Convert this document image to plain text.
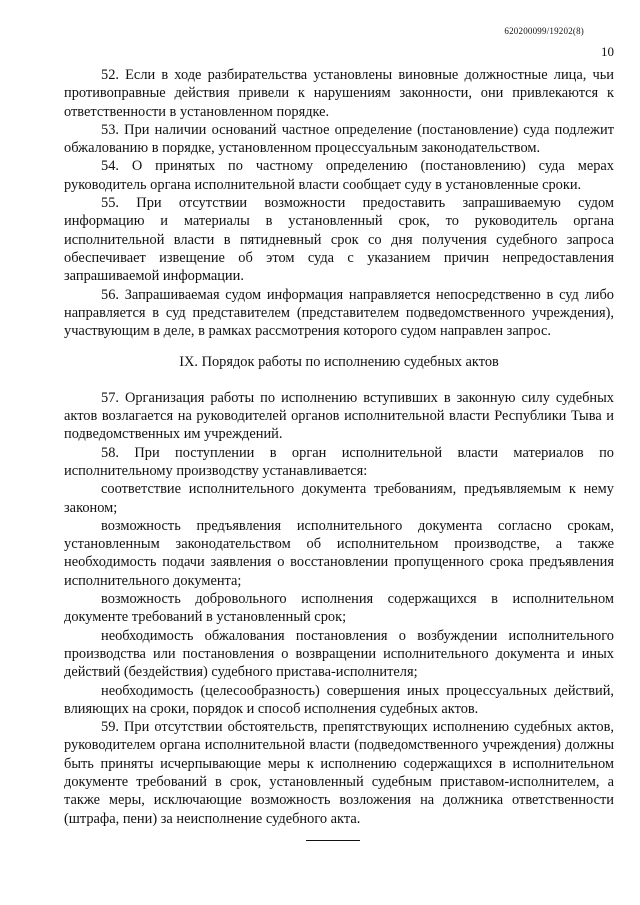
620200099/19202(8)
10

52. Если в ходе разбирательства установлены виновные должностные лица, чьи противоправные действия привели к нарушениям законности, они привлекаются к ответственности в установленном порядке.

53. При наличии оснований частное определение (постановление) суда подлежит обжалованию в порядке, установленном процессуальным законодательством.

54. О принятых по частному определению (постановлению) суда мерах руководитель органа исполнительной власти сообщает суду в установленные сроки.

55. При отсутствии возможности предоставить запрашиваемую судом информацию и материалы в установленный срок, то руководитель органа исполнительной власти в пятидневный срок со дня получения судебного запроса обеспечивает извещение об этом суда с указанием причин непредоставления запрашиваемой информации.

56. Запрашиваемая судом информация направляется непосредственно в суд либо направляется в суд представителем (представителем подведомственного учреждения), участвующим в деле, в рамках рассмотрения которого судом направлен запрос.

IX. Порядок работы по исполнению судебных актов

57. Организация работы по исполнению вступивших в законную силу судебных актов возлагается на руководителей органов исполнительной власти Республики Тыва и подведомственных им учреждений.

58. При поступлении в орган исполнительной власти материалов по исполнительному производству устанавливается:

соответствие исполнительного документа требованиям, предъявляемым к нему законом;

возможность предъявления исполнительного документа согласно срокам, установленным законодательством об исполнительном производстве, а также необходимость подачи заявления о восстановлении пропущенного срока предъявления исполнительного документа;

возможность добровольного исполнения содержащихся в исполнительном документе требований в установленный срок;

необходимость обжалования постановления о возбуждении исполнительного производства или постановления о возвращении исполнительного документа и иных действий (бездействия) судебного пристава-исполнителя;

необходимость (целесообразность) совершения иных процессуальных действий, влияющих на сроки, порядок и способ исполнения судебных актов.

59. При отсутствии обстоятельств, препятствующих исполнению судебных актов, руководителем органа исполнительной власти (подведомственного учреждения) должны быть приняты исчерпывающие меры к исполнению содержащихся в исполнительном документе требований в срок, установленный судебным приставом-исполнителем, а также меры, исключающие возможность возложения на должника ответственности (штрафа, пени) за неисполнение судебного акта.
